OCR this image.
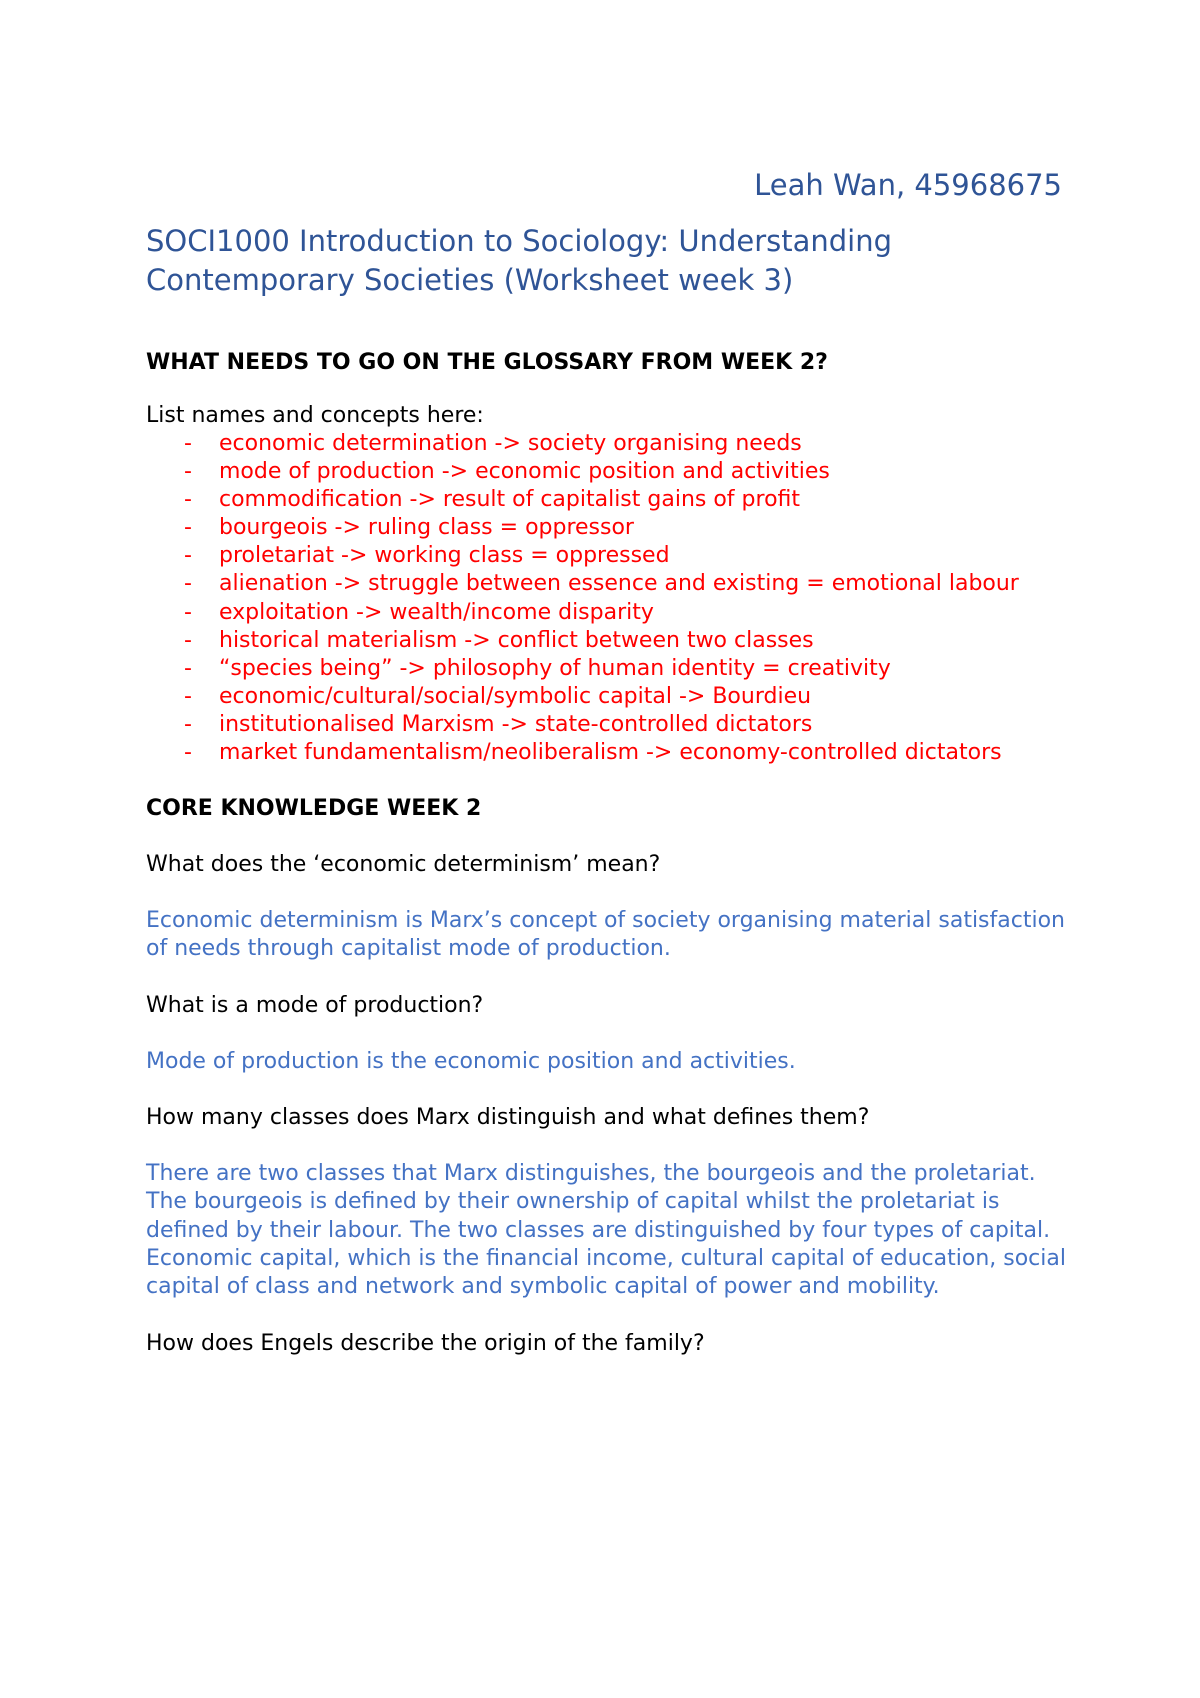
Leah Wan, 45968675

SOCI1000 Introduction to Sociology: Understanding Contemporary Societies (Worksheet week 3)

WHAT NEEDS TO GO ON THE GLOSSARY FROM WEEK 2?

List names and concepts here:

- economic determination -> society organising needs
- mode of production -> economic position and activities
- commodification -> result of capitalist gains of profit
- bourgeois -> ruling class = oppressor
- proletariat -> working class = oppressed
- alienation -> struggle between essence and existing = emotional labour
- exploitation -> wealth/income disparity
- historical materialism -> conflict between two classes
- “species being” -> philosophy of human identity = creativity
- economic/cultural/social/symbolic capital -> Bourdieu
- institutionalised Marxism -> state-controlled dictators
- market fundamentalism/neoliberalism -> economy-controlled dictators

CORE KNOWLEDGE WEEK 2

What does the ‘economic determinism’ mean?

Economic determinism is Marx’s concept of society organising material satisfaction of needs through capitalist mode of production.

What is a mode of production?

Mode of production is the economic position and activities.

How many classes does Marx distinguish and what defines them?

There are two classes that Marx distinguishes, the bourgeois and the proletariat. The bourgeois is defined by their ownership of capital whilst the proletariat is defined by their labour. The two classes are distinguished by four types of capital. Economic capital, which is the financial income, cultural capital of education, social capital of class and network and symbolic capital of power and mobility.

How does Engels describe the origin of the family?
